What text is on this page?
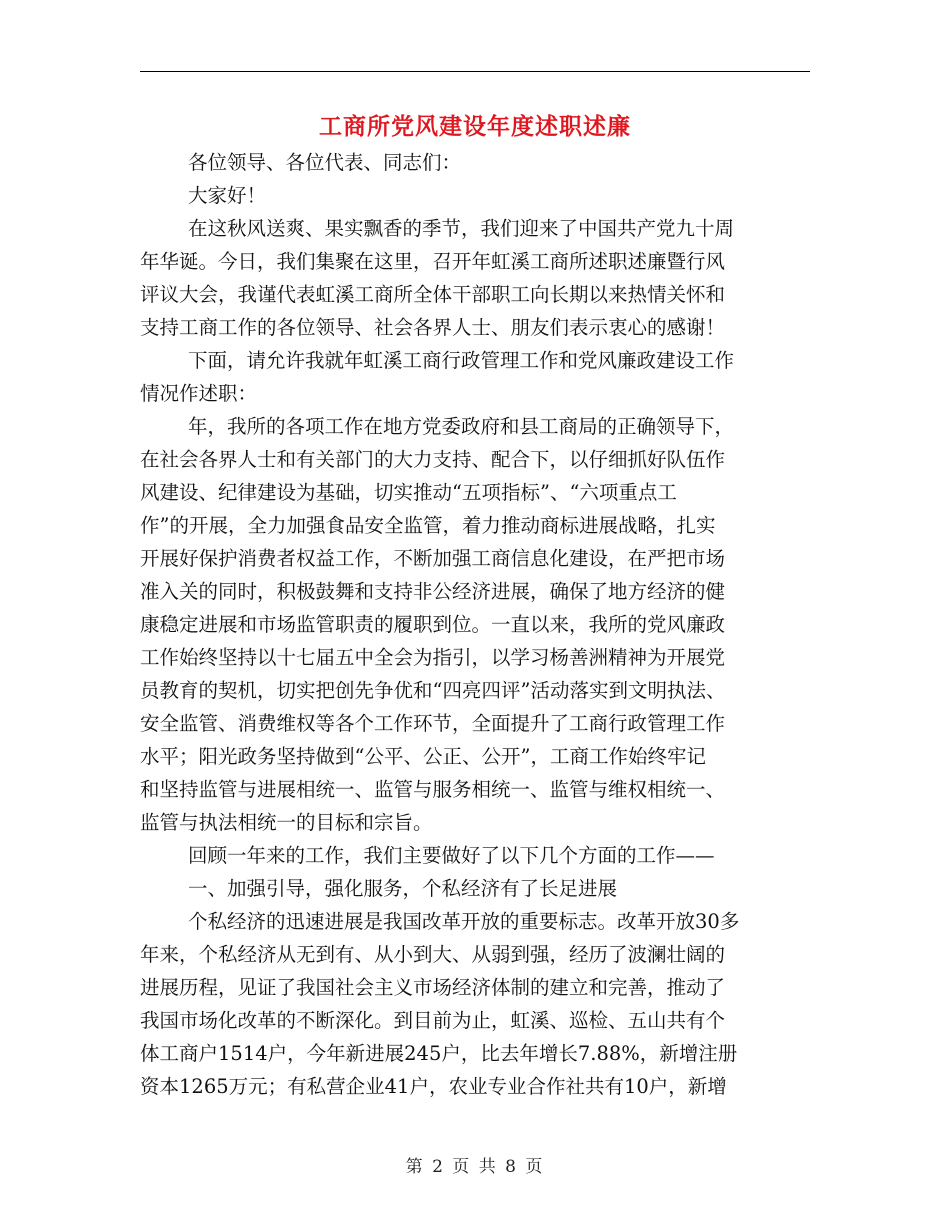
工商所党风建设年度述职述廉
各位领导、各位代表、同志们：
大家好！
在这秋风送爽、果实飘香的季节，我们迎来了中国共产党九十周
年华诞。今日，我们集聚在这里，召开年虹溪工商所述职述廉暨行风
评议大会，我谨代表虹溪工商所全体干部职工向长期以来热情关怀和
支持工商工作的各位领导、社会各界人士、朋友们表示衷心的感谢！
下面，请允许我就年虹溪工商行政管理工作和党风廉政建设工作
情况作述职：
年，我所的各项工作在地方党委政府和县工商局的正确领导下，
在社会各界人士和有关部门的大力支持、配合下，以仔细抓好队伍作
风建设、纪律建设为基础，切实推动“五项指标”、“六项重点工
作”的开展，全力加强食品安全监管，着力推动商标进展战略，扎实
开展好保护消费者权益工作，不断加强工商信息化建设，在严把市场
准入关的同时，积极鼓舞和支持非公经济进展，确保了地方经济的健
康稳定进展和市场监管职责的履职到位。一直以来，我所的党风廉政
工作始终坚持以十七届五中全会为指引，以学习杨善洲精神为开展党
员教育的契机，切实把创先争优和“四亮四评”活动落实到文明执法、
安全监管、消费维权等各个工作环节，全面提升了工商行政管理工作
水平；阳光政务坚持做到“公平、公正、公开”，工商工作始终牢记
和坚持监管与进展相统一、监管与服务相统一、监管与维权相统一、
监管与执法相统一的目标和宗旨。
回顾一年来的工作，我们主要做好了以下几个方面的工作——
一、加强引导，强化服务，个私经济有了长足进展
个私经济的迅速进展是我国改革开放的重要标志。改革开放30多
年来，个私经济从无到有、从小到大、从弱到强，经历了波澜壮阔的
进展历程，见证了我国社会主义市场经济体制的建立和完善，推动了
我国市场化改革的不断深化。到目前为止，虹溪、巡检、五山共有个
体工商户1514户，今年新进展245户，比去年增长7.88%，新增注册
资本1265万元；有私营企业41户，农业专业合作社共有10户，新增
第 2 页 共 8 页
